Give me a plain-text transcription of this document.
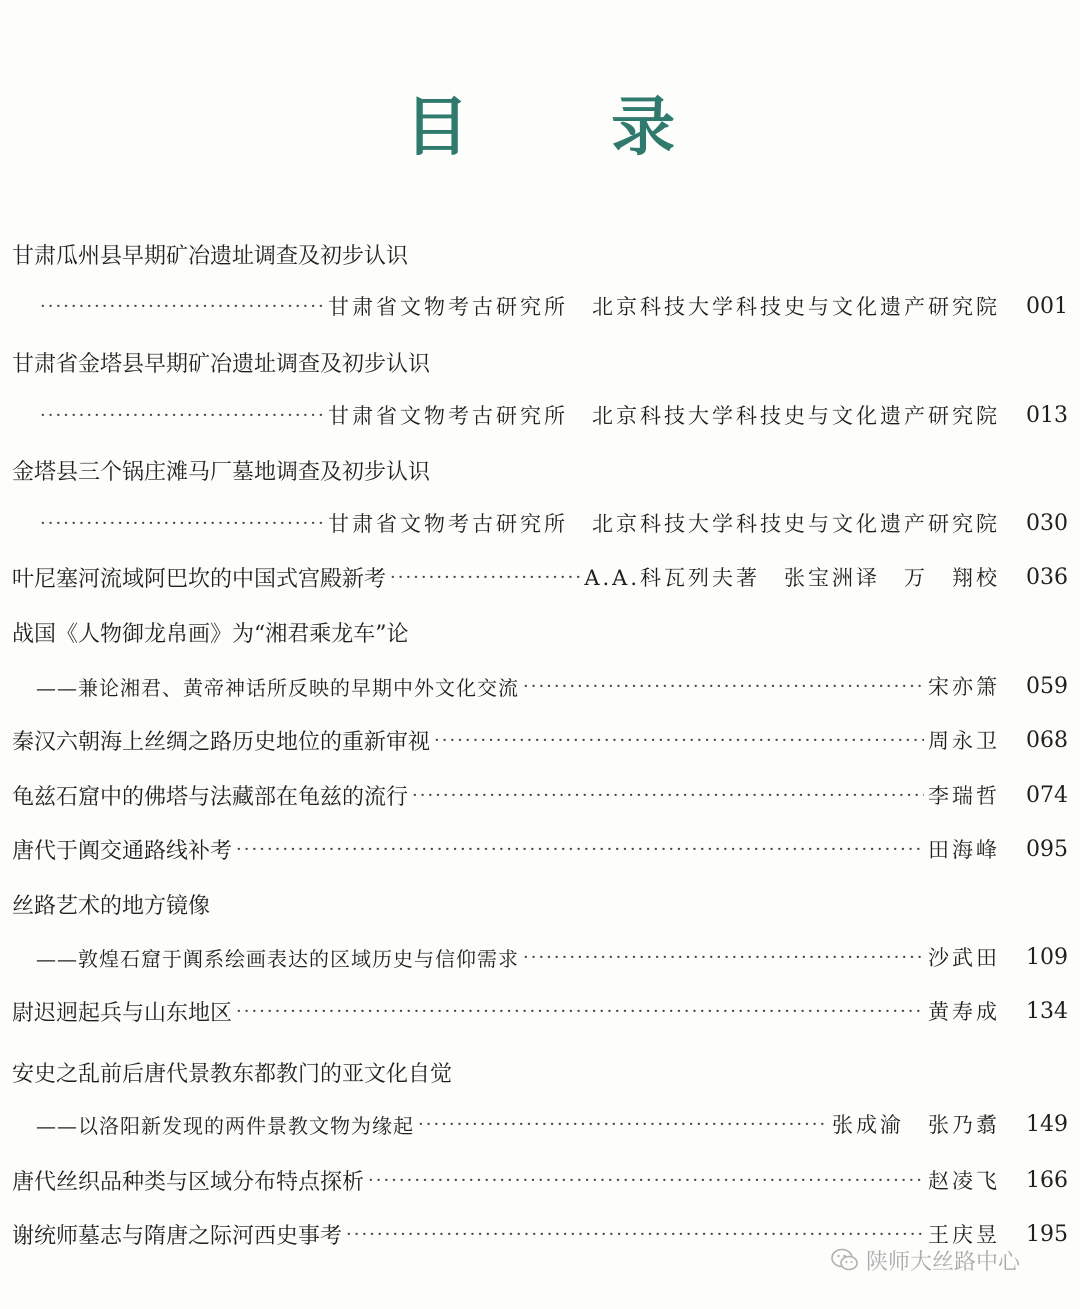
目 录
甘肃瓜州县早期矿冶遗址调查及初步认识
·····
甘肃省文物考古研究所　北京科技大学科技史与文化遗产研究院	001
甘肃省金塔县早期矿冶遗址调查及初步认识
·····
甘肃省文物考古研究所　北京科技大学科技史与文化遗产研究院	013
金塔县三个锅庄滩马厂墓地调查及初步认识
·····
甘肃省文物考古研究所　北京科技大学科技史与文化遗产研究院	030
叶尼塞河流域阿巴坎的中国式宫殿新考 ·····	A.A.科瓦列夫著　张宝洲译　万　翔校	036
战国《人物御龙帛画》为“湘君乘龙车”论
——兼论湘君、黄帝神话所反映的早期中外文化交流 ·····	宋亦箫	059
秦汉六朝海上丝绸之路历史地位的重新审视 ·····	周永卫	068
龟兹石窟中的佛塔与法藏部在龟兹的流行 ·····	李瑞哲	074
唐代于阗交通路线补考 ·····	田海峰	095
丝路艺术的地方镜像
——敦煌石窟于阗系绘画表达的区域历史与信仰需求 ·····	沙武田	109
尉迟迥起兵与山东地区 ·····	黄寿成	134
安史之乱前后唐代景教东都教门的亚文化自觉
——以洛阳新发现的两件景教文物为缘起 ·····	张成渝　张乃翥	149
唐代丝织品种类与区域分布特点探析 ·····	赵凌飞	166
谢统师墓志与隋唐之际河西史事考 ·····	王庆昱	195
陕师大丝路中心
